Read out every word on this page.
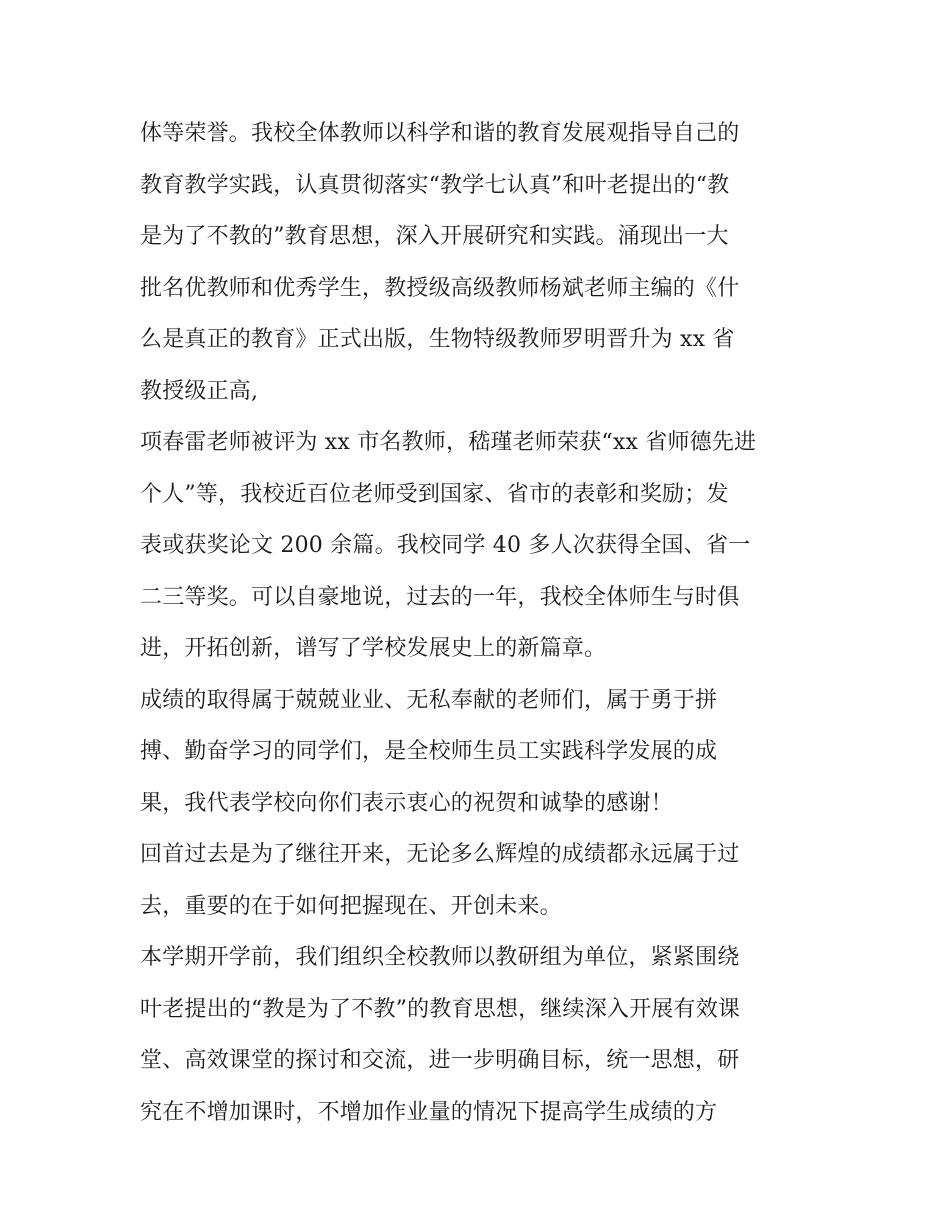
体等荣誉。我校全体教师以科学和谐的教育发展观指导自己的
教育教学实践，认真贯彻落实“教学七认真”和叶老提出的“教
是为了不教的”教育思想，深入开展研究和实践。涌现出一大
批名优教师和优秀学生，教授级高级教师杨斌老师主编的《什
么是真正的教育》正式出版，生物特级教师罗明晋升为 xx 省
教授级正高,
项春雷老师被评为 xx 市名教师，嵇瑾老师荣获“xx 省师德先进
个人”等，我校近百位老师受到国家、省市的表彰和奖励；发
表或获奖论文 200 余篇。我校同学 40 多人次获得全国、省一
二三等奖。可以自豪地说，过去的一年，我校全体师生与时俱
进，开拓创新，谱写了学校发展史上的新篇章。
成绩的取得属于兢兢业业、无私奉献的老师们，属于勇于拼
搏、勤奋学习的同学们，是全校师生员工实践科学发展的成
果，我代表学校向你们表示衷心的祝贺和诚挚的感谢！
回首过去是为了继往开来，无论多么辉煌的成绩都永远属于过
去，重要的在于如何把握现在、开创未来。
本学期开学前，我们组织全校教师以教研组为单位，紧紧围绕
叶老提出的“教是为了不教”的教育思想，继续深入开展有效课
堂、高效课堂的探讨和交流，进一步明确目标，统一思想，研
究在不增加课时，不增加作业量的情况下提高学生成绩的方
